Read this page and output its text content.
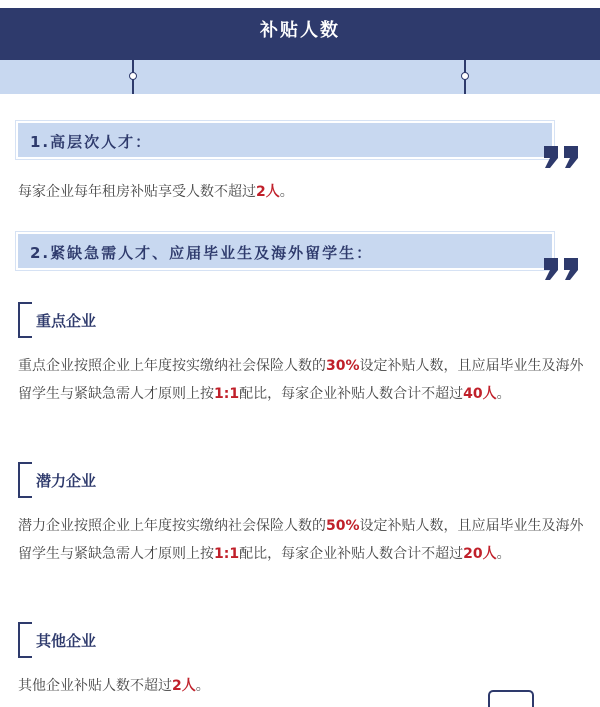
补贴人数
1.高层次人才：
每家企业每年租房补贴享受人数不超过2人。
2.紧缺急需人才、应届毕业生及海外留学生：
重点企业
重点企业按照企业上年度按实缴纳社会保险人数的30%设定补贴人数，且应届毕业生及海外留学生与紧缺急需人才原则上按1:1配比，每家企业补贴人数合计不超过40人。
潜力企业
潜力企业按照企业上年度按实缴纳社会保险人数的50%设定补贴人数，且应届毕业生及海外留学生与紧缺急需人才原则上按1:1配比，每家企业补贴人数合计不超过20人。
其他企业
其他企业补贴人数不超过2人。
